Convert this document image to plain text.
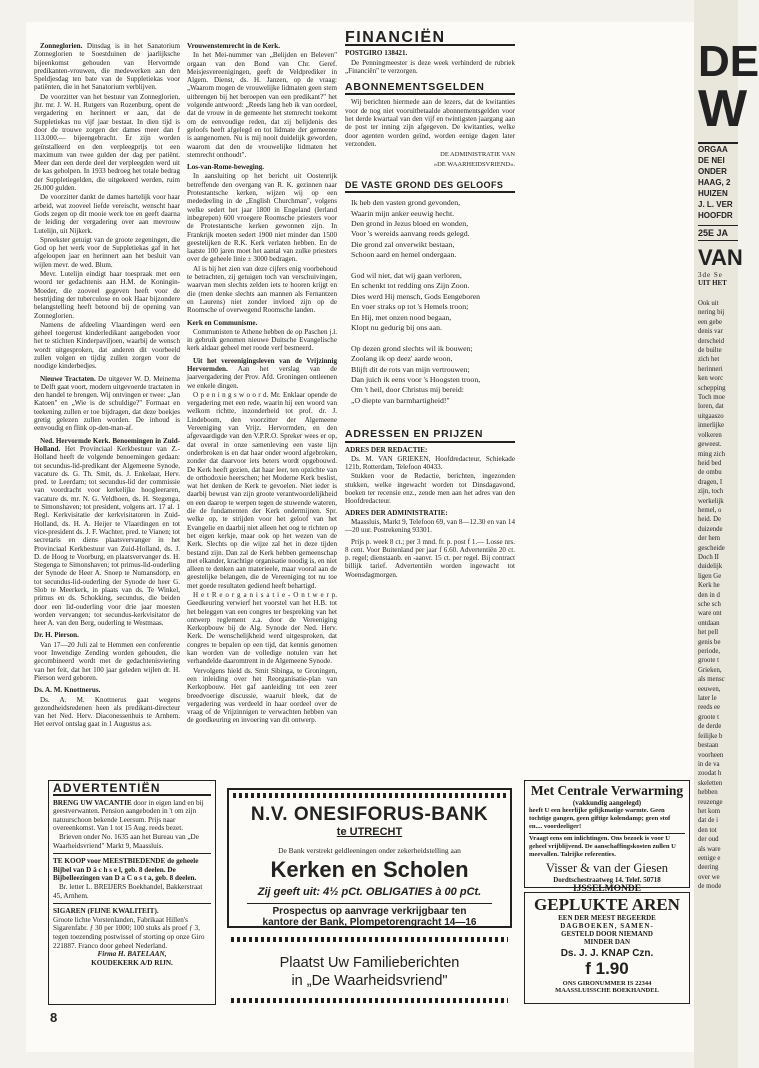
Zonneglorien. Dinsdag is in het Sanatorium Zonneglorien te Soestduinen de jaarlijksche bijeenkomst gehouden van Hervormde predikanten-vrouwen, die medewerken aan den Speldjesdag ten bate van de Suppletiekas voor patiënten, die in het Sanatorium verblijven.

De voorzitter van het bestuur van Zonneglorien, jhr. mr. J. W. H. Rutgers van Rozenburg, opent de vergadering en herinnert er aan, dat de Suppletiekas nu vijf jaar bestaat. In dien tijd is door de trouwe zorgen der dames meer dan f 113.000.— bijeengebracht. Er zijn worden geïnstalleerd en den verpleegprijs tot een maximum van twee gulden der dag per patiënt. Meer dan een derde deel der verpleegden werd uit de kas geholpen. In 1933 bedroeg het totale bedrag der Suppletiegelden, die uitgekeerd werden, ruim 26.000 gulden.

De voorzitter dankt de dames hartelijk voor haar arbeid, wat zooveel liefde vereischt, wenscht haar Gods zegen op dit mooie werk toe en geeft daarna de leiding der vergadering over aan mevrouw Lutelijn, uit Nijkerk.

Spreekster getuigt van de groote zegeningen, die God op het werk voor de Suppletiekas gaf in het afgeloopen jaar en herinnert aan het besluit van wijlen mevr. de wed. Blum.

Mevr. Lutelijn eindigt haar toespraak met een woord ter gedachtenis aan H.M. de Koningin-Moeder, die zooveel gegeven heeft voor de bestrijding der tuberculose en ook Haar bijzondere belangstelling heeft betoond bij de opening van Zonneglorien.

Namens de afdeeling Vlaardingen werd een geheel toegerust kinderledikant aangeboden voor het te stichten Kinderpaviljoen, waarbij de wensch wordt uitgesproken, dat anderen dit voorbeeld zullen volgen en tijdig zullen zorgen voor de noodige kinderbedjes.

Nieuwe Tractaten. De uitgever W. D. Meinema te Delft gaat voort, modern uitgevoerde tractaten in den handel te brengen. Wij ontvingen er twee: „Jan Katoen" en „Wie is de schuldige?" Formaat en teekening zullen er toe bijdragen, dat deze boekjes gretig gelezen zullen worden. De inhoud is eenvoudig en flink op-den-man-af.

Ned. Hervormde Kerk. Benoemingen in Zuid-Holland. Het Provinciaal Kerkbestuur van Z.-Holland heeft de volgende benoemingen gedaan: tot secundus-lid-predikant der Algemeene Synode, vacature ds. G. Th. Smit, ds. J. Enkelaar, Herv. pred. te Leerdam; tot secundus-lid der commissie van voordracht voor kerkelijke hoogleeraren, vacature ds. mr. N. G. Veldhoen, ds. H. Stegenga, te Simonshaven; tot president, volgens art. 17 al. 1 Regl. Kerkvisitatie der kerkvisitatoren in Zuid-Holland, ds. H. A. Heijer te Vlaardingen en tot vice-president ds. J. F. Wachter, pred. te Vianen; tot secretaris en diens plaatsvervanger in het Provinciaal Kerkbestuur van Zuid-Holland, ds. J. D. de Hoog te Voorburg, en plaatsvervanger ds. H. Stegenga te Simonshaven; tot primus-lid-ouderling der Synode de Heer A. Snoep te Numansdorp, en tot secundus-lid-ouderling der Synode de heer G. Slob te Meerkerk, in plaats van ds. Te Winkel, primus en ds. Schokking, secundus, die beiden door een lid-ouderling voor drie jaar moesten worden vervangen; tot secundus-kerkvisitator de heer A. van den Berg, ouderling te Westmaas.

Dr. H. Pierson.

Van 17—20 Juli zal te Hemmen een conferentie voor Inwendige Zending worden gehouden, die gecombineerd wordt met de gedachtenisviering van het feit, dat het 100 jaar geleden wijlen dr. H. Pierson werd geboren.

Ds. A. M. Knottnerus.

Ds. A. M. Knottnerus gaat wegens gezondheidsredenen heen als predikant-directeur van het Ned. Herv. Diaconessenhuis te Arnhem. Het eervol ontslag gaat in 1 Augustus a.s.

Vrouwenstemrecht in de Kerk.

In het Mei-nummer van „Belijden en Beleven" orgaan van den Bond van Chr. Geref. Meisjesvereenigingen, geeft de Veldprediker in Algem. Dienst, ds. H. Janzen, op de vraag: „Waarom mogen de vrouwelijke lidmaten geen stem uitbrengen bij het beroepen van een predikant?" het volgende antwoord: „Reeds lang heb ik van oordeel, dat de vrouw in de gemeente het stemrecht toekomt om de eenvoudige reden, dat zij belijdenis des geloofs heeft afgelegd en tot lidmate der gemeente is aangenomen. Nu is mij nooit duidelijk geworden, waarom dat den de vrouwelijke lidmaten het stemrecht onthoudt".

Los-van-Rome-beweging.

In aansluiting op het bericht uit Oostenrijk betreffende den overgang van R. K. gezinnen naar Protestantsche kerken, wijzen wij op een mededeeling in de „English Churchman", volgens welke sedert het jaar 1800 in Engeland (Ierland inbegrepen) 600 vroegere Roomsche priesters voor de Protestantsche kerken gewonnen zijn. In Frankrijk moeten sedert 1900 niet minder dan 1500 geestelijken de R.K. Kerk verlaten hebben. En de laatste 100 jaren moet het aantal van zulke priesters over de geheele linie ± 3000 bedragen.

Al is bij het zien van deze cijfers enig voorbehoud te betrachten, zij getuigen toch van verschuivingen, waarvan men slechts zelden iets te hooren krijgt en die (men denke slechts aan mannen als Fernantzen en Laurens) niet zonder invloed zijn op de Roomsche of overwegend Roomsche landen.

Kerk en Communisme.

Communisten te Athene hebben de op Paschen j.l. in gebruik genomen nieuwe Duitsche Evangelische kerk aldaar geheel met roode verf besmeerd.

Uit het vereenigingsleven van de Vrijzinnig Hervormden. Aan het verslag van de jaarvergadering der Prov. Afd. Groningen ontleenen we enkele dingen.

O p e n i n g s w o o r d. Mr. Enklaar opende de vergadering met een rede, waarin hij een woord van welkom richtte, inzonderheid tot prof. dr. J. Lindeboom, den voorzitter der Algemeene Vereeniging van Vrijz. Hervormden, en den afgevaardigde van den V.P.R.O. Spreker wees er op, dat overal in onze samenleving een vaste lijn onderbroken is en dat haar onder woord afgebroken, zonder dat daarvoor iets beters wordt opgebouwd. De Kerk heeft gezien, dat haar leer, ten opzichte van de orthodoxie heerschen; het Moderne Kerk beslist, wat het denken de Kerk te gevoelen. Niet ieder is daarbij bewust van zijn groote verantwoordelijkheid en een daarop te werpen tegen de stuwende wateren, die de fundamenten der Kerk ondermijnen. Spr. welke op, te strijden voor het geloof van het Evangelie en daarbij niet alleen het oog te richten op het eigen kerkje, maar ook op het wezen van de Kerk. Slechts op die wijze zal het in deze tijden bestand zijn. Dan zal de Kerk hebben gemeenschap met elkander, krachtige organisatie noodig is, en niet alleen te denken aan materieele, maar vooral aan de geestelijke belangen, die de Vereeniging tot nu toe met goede resultaten gediend heeft behartigd.

H e t R e o r g a n i s a t i e - O n t w e r p. Geedkeuring verwierf het voorstel van het H.B. tot het beleggen van een congres ter bespreking van het ontwerp reglement z.a. door de Vereeniging Kerkopbouw bij de Alg. Synode der Ned. Herv. Kerk. De wenschelijkheid werd uitgesproken, dat congres te bepalen op een tijd, dat kennis genomen kan worden van de volledige notulen van het verhandelde daaromtrent in de Algemeene Synode.

Vervolgens hield ds. Smit Sibinga, te Groningen, een inleiding over het Reorganisatie-plan van Kerkopbouw. Het gaf aanleiding tot een zeer breedvoerige discussie, waaruit bleek, dat de vergadering was verdeeld in haar oordeel over de vraag of de Vrijzinnigen te verwachten hebben van de goedkeuring en invoering van dit ontwerp.

FINANCIËN

POSTGIRO 138421.

De Penningmeester is deze week verhinderd de rubriek „Financiën" te verzorgen.

ABONNEMENTSGELDEN

Wij berichten hiermede aan de lezers, dat de kwitanties voor de nog niet vooruitbetaalde abonnementsgelden voor het derde kwartaal van den vijf en twintigsten jaargang aan de post ter inning zijn afgegeven. De kwitanties, welke door agenten worden geïnd, worden eenige dagen later verzonden.

DE ADMINISTRATIE VAN

»DE WAARHEIDSVRIEND«.

DE VASTE GROND DES GELOOFS
Ik heb den vasten grond gevonden,
Waarin mijn anker eeuwig hecht.
Den grond in Jezus bloed en wonden,
Voor 's wereids aanvang reeds gelegd.
Die grond zal onverwikt bestaan,
Schoon aard en hemel ondergaan.

God wil niet, dat wij gaan verloren,
En schenkt tot redding ons Zijn Zoon.
Dies werd Hij mensch, Gods Eengeboren
En voer straks op tot 's Hemels troon;
En Hij, met onzen nood begaan,
Klopt nu gedurig bij ons aan.

Op dezen grond slechts wil ik bouwen;
Zoolang ik op deez' aarde woon,
Blijft dit de rots van mijn vertrouwen;
Dan juich ik eens voor 's Hoogsten troon,
Om 't heil, door Christus mij bereid:
„O diepte van barmhartigheid!"
ADRESSEN EN PRIJZEN

ADRES DER REDACTIE:

Ds. M. VAN GRIEKEN, Hoofdredacteur, Schiekade 121b, Rotterdam, Telefoon 40433.

Stukken voor de Redactie, berichten, ingezonden stukken, welke ingewacht worden tot Dinsdagavond, boeken ter recensie enz., zende men aan het adres van den Hoofdredacteur.

ADRES DER ADMINISTRATIE:

Maassluis, Markt 9, Telefoon 69, van 8—12.30 en van 14—20 uur. Postrekening 93301.

Prijs p. week 8 ct.; per 3 mnd. fr. p. post f 1.— Losse nrs. 8 cent. Voor Buitenland per jaar f 6.60. Advertentiën 20 ct. p. regel; dienstaanb. en -aanvr. 15 ct. per regel. Bij contract billijk tarief. Advertentiën worden ingewacht tot Woensdagmorgen.

DE
W
ORGAA
DE NEI
ONDER
HAAG, 2
HUIZEN
J. L. VER
HOOFDR
25E JA
VAN
3de Se
UIT HET
Ook uit
nering bij
een gebe
denis var
derscheid
de builte
zich het
herinneri
ken worc
schepping
Toch moe
loren, dat
uitgaaszo
innerlijke
volkeren
geweest.
ming zich
heid bed
de ombu
dragen, I
zijn, toch
werkelijk
hemel, o
heid. De
duizende
der hem
gescheide
Doch II
duidelijk
ligen Ge
Kerk he
den in d
sche sch
ware ont
ontdaan
het pell
genis be
periode,
groote t
Grieken,
als mensc
eeuwen,
later le
reeds ee
groote t
de derde
feilijke b
bestaan
voorheen
in de va
zoodat h
skeletten
hebben
reuzenge
het kom
dat de i
den tot
der oud
als ware
eenige e
deering
over we
de mode
ADVERTENTIËN
BRENG UW VACANTIE door in eigen land en bij geestverwanten. Pension aangeboden in 't om zijn natuurschoon bekende Leersum. Prijs naar overeenkomst. Van 1 tot 15 Aug. reeds bezet.
Brieven onder No. 1635 aan het Bureau van „De Waarheidsvriend" Markt 9, Maassluis.
TE KOOP voor MEESTBIEDENDE de geheele Bijbel van D ä c h s e l, geb. 8 deelen. De Bijbelleezingen van D a C o s t a, geb. 8 deelen.
Br. letter L. BREIJERS Boekhandel, Bakkerstraat 45, Arnhem.
SIGAREN (FIJNE KWALITEIT).
Groote lichte Vorstenlanden, Fabrikaat Hillen's Sigarenfabr. ƒ 30 per 1000; 100 stuks als proef ƒ 3, tegen toezending postwissel of storting op onze Giro 221887. Franco door geheel Nederland.
Firma H. BATELAAN,
KOUDEKERK A/D RIJN.
8
N.V. ONESIFORUS-BANK
te UTRECHT
De Bank verstrekt geldleeningen onder zekerheidstelling aan
Kerken en Scholen
Zij geeft uit: 4½ pCt. OBLIGATIES à 00 pCt.
Prospectus op aanvrage verkrijgbaar ten
kantore der Bank, Plompetorengracht 14—16
Plaatst Uw Familieberichten
in „De Waarheidsvriend"
Met Centrale Verwarming
(vakkundig aangelegd)
heeft U een heerlijke gelijkmatige warmte. Geen tochtige gangen, geen giftige kolendamp; geen stof en.... voordeeliger!
Vraagt eens om inlichtingen. Ons bezoek is voor U geheel vrijblijvend. De aanschaffingskosten zullen U meevallen. Talrijke referenties.
Visser & van der Giesen
Dordtschestraatweg 14. Telef. 50718
IJSSELMONDE
GEPLUKTE AREN
EEN DER MEEST BEGEERDE
DAGBOEKEN, SAMEN-
GESTELD DOOR NIEMAND
MINDER DAN
Ds. J. J. KNAP Czn.
f 1.90
ONS GIRONUMMER IS 22344
MAASSLUISSCHE BOEKHANDEL
